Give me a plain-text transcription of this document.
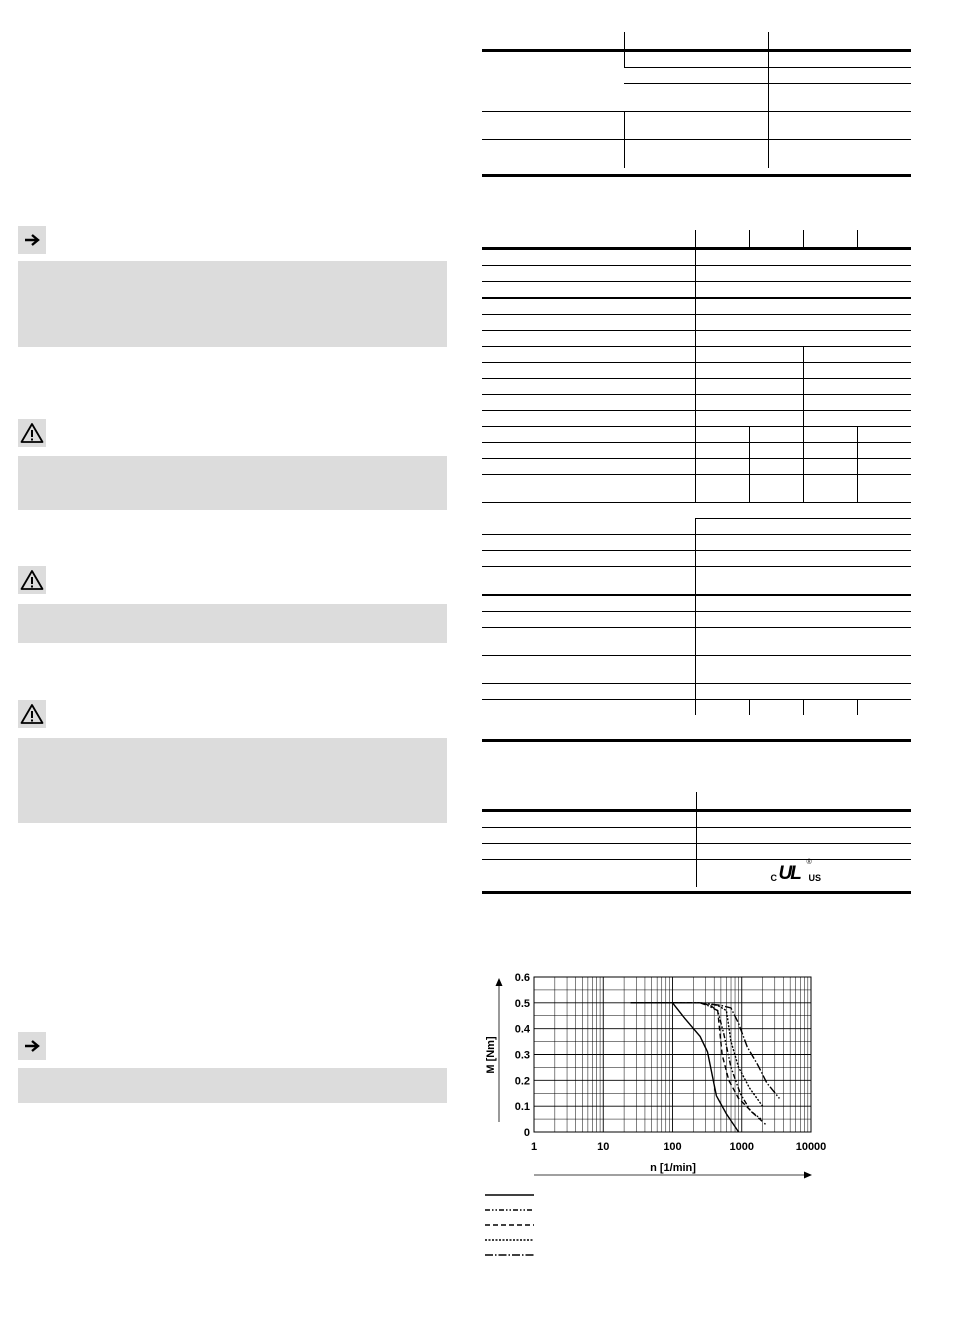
	C UL US
®
1	10	100	1000	10000
0
0.1
0.2
0.3
0.4
0.5
0.6
M [Nm]
n [1/min]
